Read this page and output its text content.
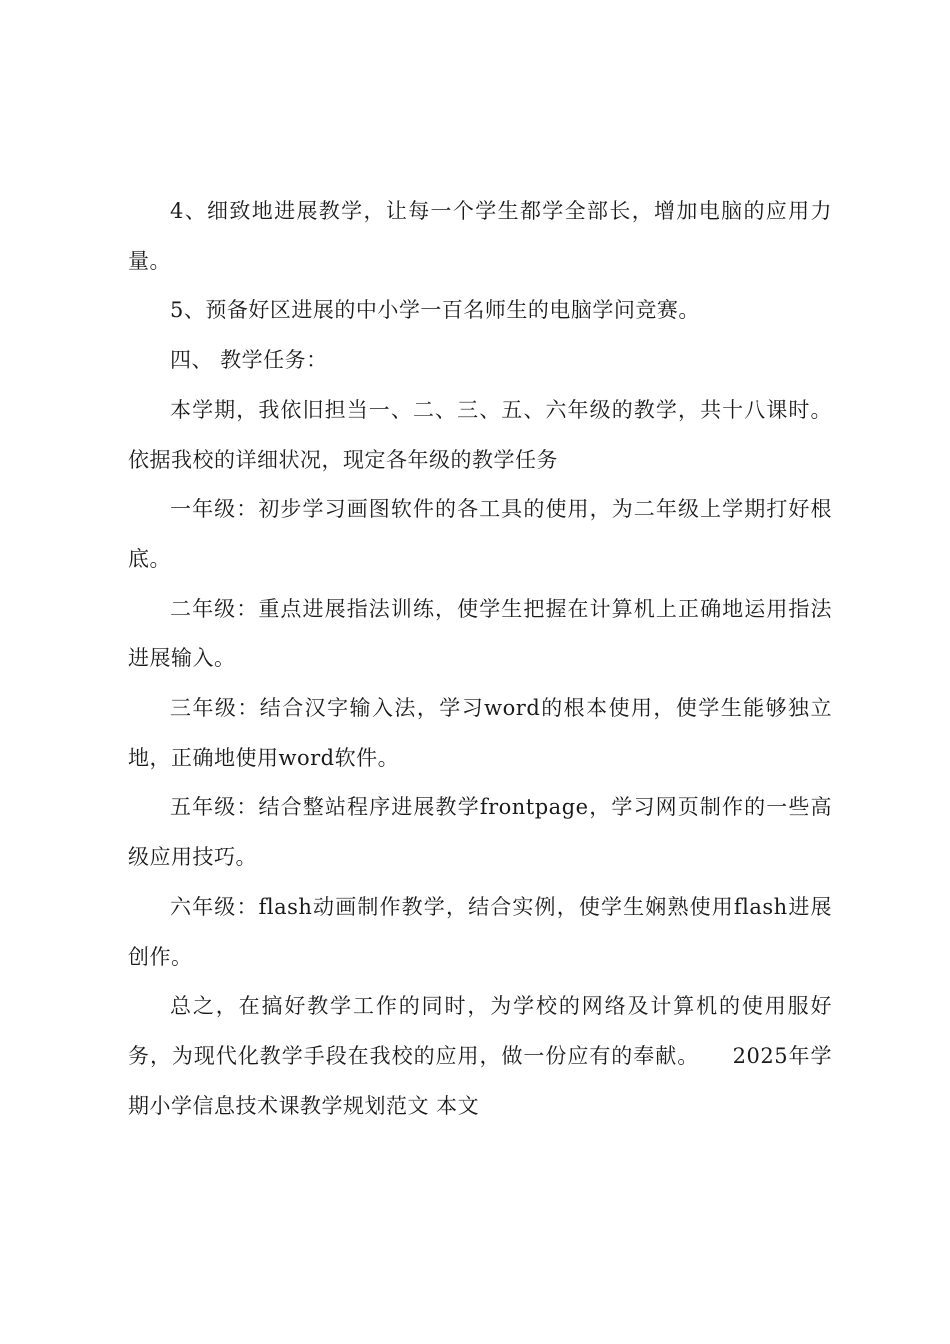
4、细致地进展教学，让每一个学生都学全部长，增加电脑的应用力量。

5、预备好区进展的中小学一百名师生的电脑学问竞赛。

四、 教学任务：

本学期，我依旧担当一、二、三、五、六年级的教学，共十八课时。依据我校的详细状况，现定各年级的教学任务

一年级：初步学习画图软件的各工具的使用，为二年级上学期打好根底。

二年级：重点进展指法训练，使学生把握在计算机上正确地运用指法进展输入。

三年级：结合汉字输入法，学习word的根本使用，使学生能够独立地，正确地使用word软件。

五年级：结合整站程序进展教学frontpage，学习网页制作的一些高级应用技巧。

六年级：flash动画制作教学，结合实例，使学生娴熟使用flash进展创作。

总之，在搞好教学工作的同时，为学校的网络及计算机的使用服好务，为现代化教学手段在我校的应用，做一份应有的奉献。　　2025年学期小学信息技术课教学规划范文 本文
